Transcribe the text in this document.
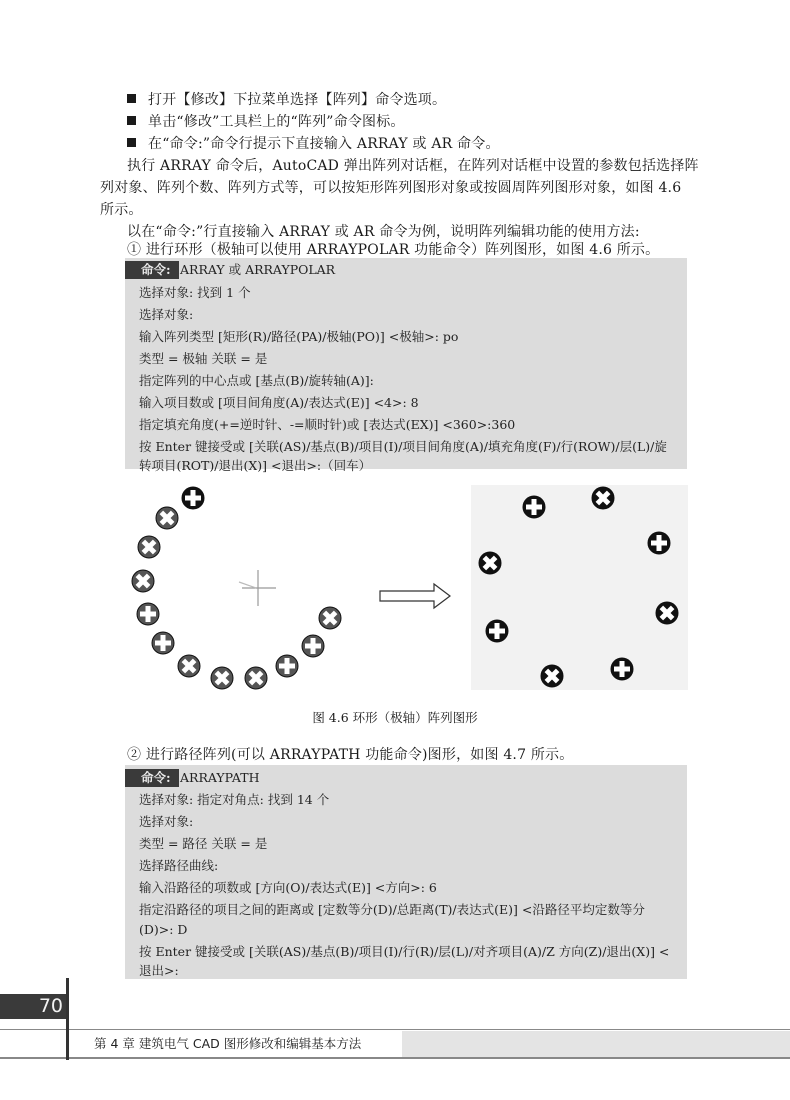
打开【修改】下拉菜单选择【阵列】命令选项。
单击“修改”工具栏上的“阵列”命令图标。
在“命令:”命令行提示下直接输入 ARRAY 或 AR 命令。
执行 ARRAY 命令后，AutoCAD 弹出阵列对话框，在阵列对话框中设置的参数包括选择阵
列对象、阵列个数、阵列方式等，可以按矩形阵列图形对象或按圆周阵列图形对象，如图 4.6
所示。
以在“命令:”行直接输入 ARRAY 或 AR 命令为例，说明阵列编辑功能的使用方法:
① 进行环形（极轴可以使用 ARRAYPOLAR 功能命令）阵列图形，如图 4.6 所示。
命令: ARRAY 或 ARRAYPOLAR
选择对象: 找到 1 个
选择对象:
输入阵列类型 [矩形(R)/路径(PA)/极轴(PO)] <极轴>: po
类型 = 极轴 关联 = 是
指定阵列的中心点或 [基点(B)/旋转轴(A)]:
输入项目数或 [项目间角度(A)/表达式(E)] <4>: 8
指定填充角度(+=逆时针、-=顺时针)或 [表达式(EX)] <360>:360
按 Enter 键接受或 [关联(AS)/基点(B)/项目(I)/项目间角度(A)/填充角度(F)/行(ROW)/层(L)/旋
转项目(ROT)/退出(X)] <退出>:（回车）
图 4.6 环形（极轴）阵列图形
② 进行路径阵列(可以 ARRAYPATH 功能命令)图形，如图 4.7 所示。
命令: ARRAYPATH
选择对象: 指定对角点: 找到 14 个
选择对象:
类型 = 路径 关联 = 是
选择路径曲线:
输入沿路径的项数或 [方向(O)/表达式(E)] <方向>: 6
指定沿路径的项目之间的距离或 [定数等分(D)/总距离(T)/表达式(E)] <沿路径平均定数等分
(D)>: D
按 Enter 键接受或 [关联(AS)/基点(B)/项目(I)/行(R)/层(L)/对齐项目(A)/Z 方向(Z)/退出(X)] <
退出>:
70
第 4 章 建筑电气 CAD 图形修改和编辑基本方法
